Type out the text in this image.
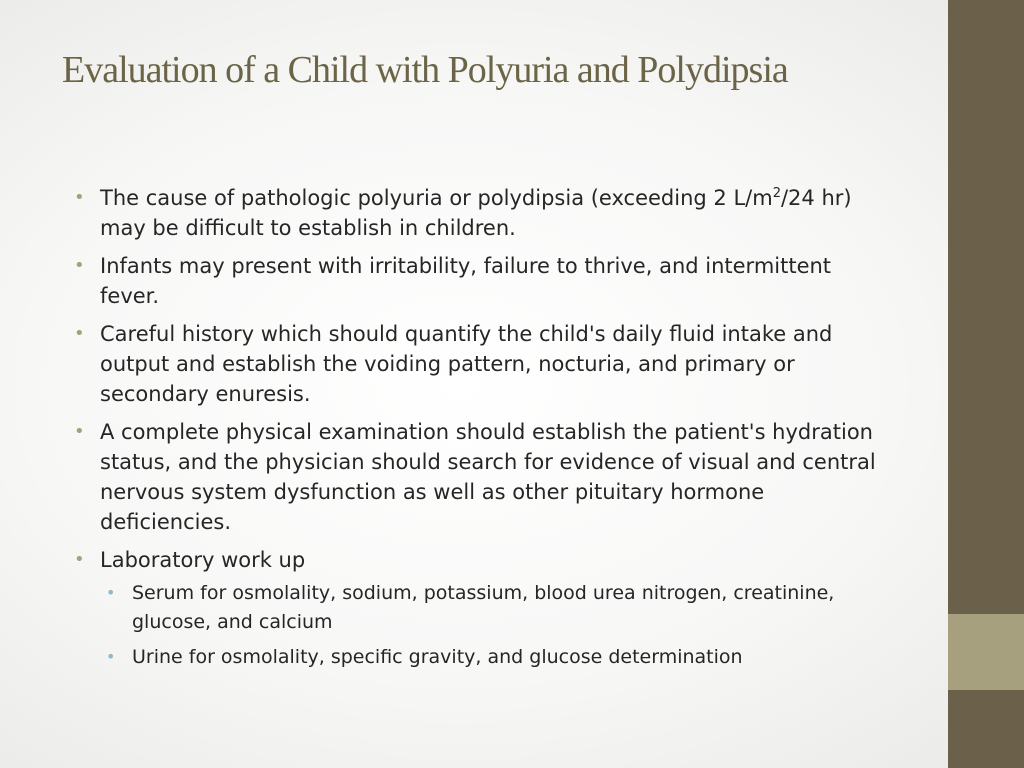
Evaluation of a Child with Polyuria and Polydipsia
• The cause of pathologic polyuria or polydipsia (exceeding 2 $L/m^2/24$ hr) may be difficult to establish in children.
• Infants may present with irritability, failure to thrive, and intermittent fever.
• Careful history which should quantify the child's daily fluid intake and output and establish the voiding pattern, nocturia, and primary or secondary enuresis.
• A complete physical examination should establish the patient's hydration status, and the physician should search for evidence of visual and central nervous system dysfunction as well as other pituitary hormone deficiencies.
• Laboratory work up
• Serum for osmolality, sodium, potassium, blood urea nitrogen, creatinine, glucose, and calcium
• Urine for osmolality, specific gravity, and glucose determination
